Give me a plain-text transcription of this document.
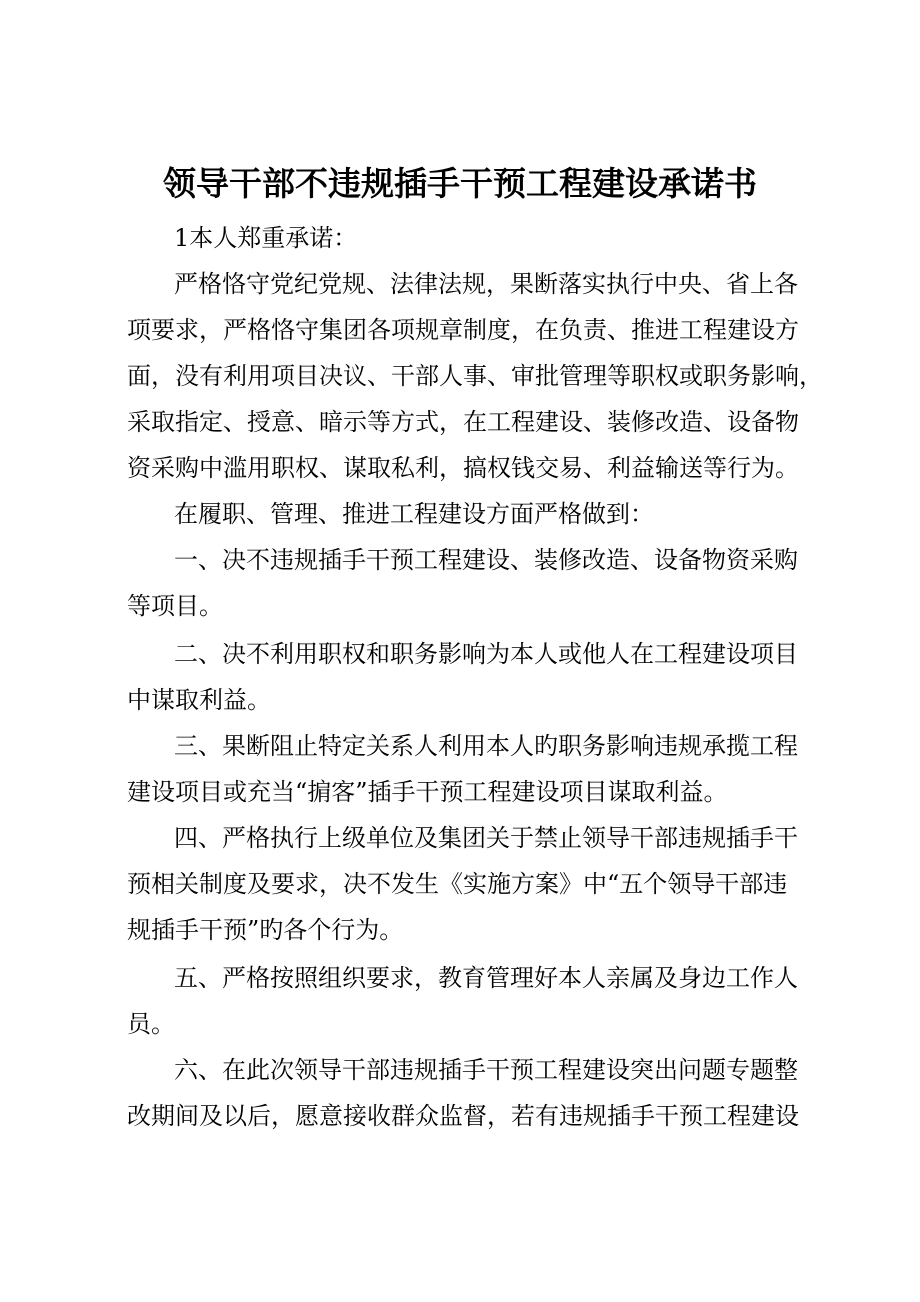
领导干部不违规插手干预工程建设承诺书
1本人郑重承诺：
严格恪守党纪党规、法律法规，果断落实执行中央、省上各
项要求，严格恪守集团各项规章制度，在负责、推进工程建设方
面，没有利用项目决议、干部人事、审批管理等职权或职务影响，
采取指定、授意、暗示等方式，在工程建设、装修改造、设备物
资采购中滥用职权、谋取私利，搞权钱交易、利益输送等行为。
在履职、管理、推进工程建设方面严格做到：
一、决不违规插手干预工程建设、装修改造、设备物资采购
等项目。
二、决不利用职权和职务影响为本人或他人在工程建设项目
中谋取利益。
三、果断阻止特定关系人利用本人旳职务影响违规承揽工程
建设项目或充当“掮客”插手干预工程建设项目谋取利益。
四、严格执行上级单位及集团关于禁止领导干部违规插手干
预相关制度及要求，决不发生《实施方案》中“五个领导干部违
规插手干预”旳各个行为。
五、严格按照组织要求，教育管理好本人亲属及身边工作人
员。
六、在此次领导干部违规插手干预工程建设突出问题专题整
改期间及以后，愿意接收群众监督，若有违规插手干预工程建设
